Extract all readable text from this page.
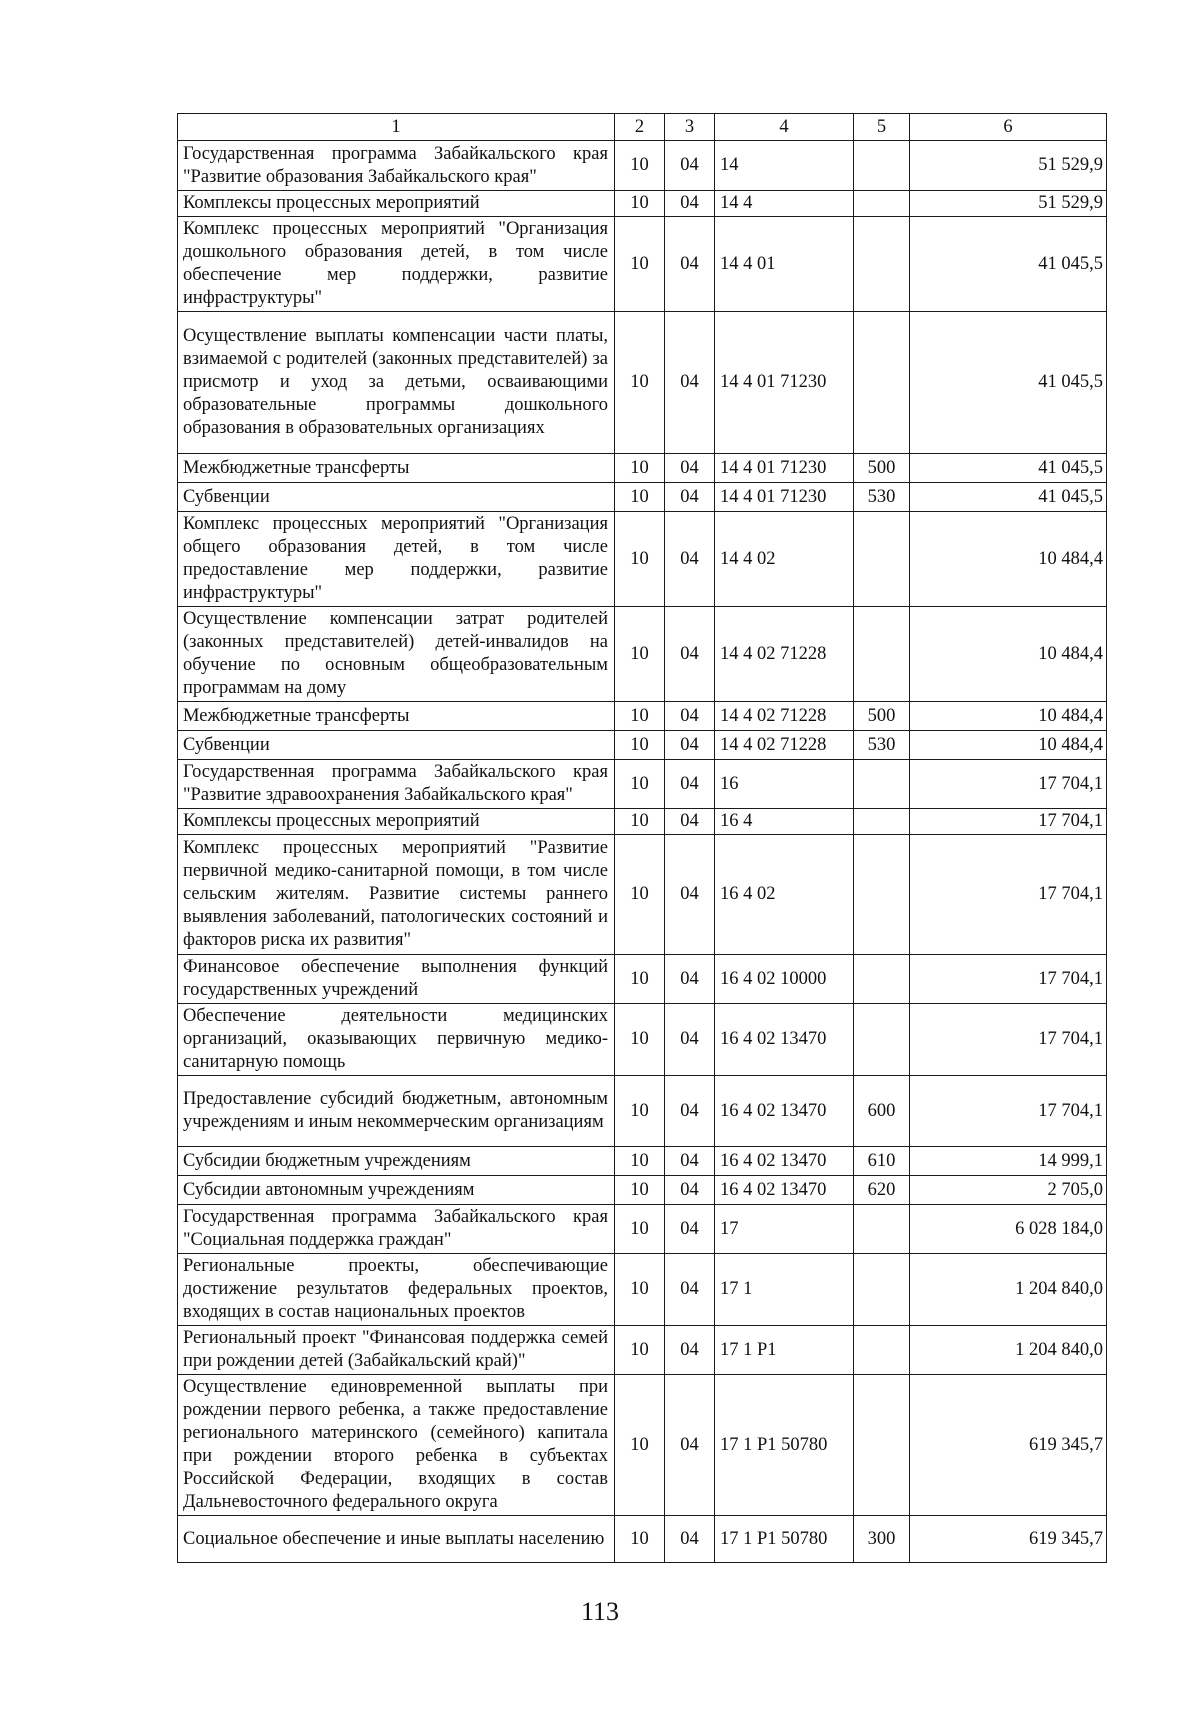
1	2	3	4	5	6
Государственная программа Забайкальского края "Развитие образования Забайкальского края"	10	04	14		51 529,9
Комплексы процессных мероприятий	10	04	14 4		51 529,9
Комплекс процессных мероприятий "Организация дошкольного образования детей, в том числе обеспечение мер поддержки, развитие инфраструктуры"	10	04	14 4 01		41 045,5
Осуществление выплаты компенсации части платы, взимаемой с родителей (законных представителей) за присмотр и уход за детьми, осваивающими образовательные программы дошкольного образования в образовательных организациях	10	04	14 4 01 71230		41 045,5
Межбюджетные трансферты	10	04	14 4 01 71230	500	41 045,5
Субвенции	10	04	14 4 01 71230	530	41 045,5
Комплекс процессных мероприятий "Организация общего образования детей, в том числе предоставление мер поддержки, развитие инфраструктуры"	10	04	14 4 02		10 484,4
Осуществление компенсации затрат родителей (законных представителей) детей-инвалидов на обучение по основным общеобразовательным программам на дому	10	04	14 4 02 71228		10 484,4
Межбюджетные трансферты	10	04	14 4 02 71228	500	10 484,4
Субвенции	10	04	14 4 02 71228	530	10 484,4
Государственная программа Забайкальского края "Развитие здравоохранения Забайкальского края"	10	04	16		17 704,1
Комплексы процессных мероприятий	10	04	16 4		17 704,1
Комплекс процессных мероприятий "Развитие первичной медико-санитарной помощи, в том числе сельским жителям. Развитие системы раннего выявления заболеваний, патологических состояний и факторов риска их развития"	10	04	16 4 02		17 704,1
Финансовое обеспечение выполнения функций государственных учреждений	10	04	16 4 02 10000		17 704,1
Обеспечение деятельности медицинских организаций, оказывающих первичную медико-санитарную помощь	10	04	16 4 02 13470		17 704,1
Предоставление субсидий бюджетным, автономным учреждениям и иным некоммерческим организациям	10	04	16 4 02 13470	600	17 704,1
Субсидии бюджетным учреждениям	10	04	16 4 02 13470	610	14 999,1
Субсидии автономным учреждениям	10	04	16 4 02 13470	620	2 705,0
Государственная программа Забайкальского края "Социальная поддержка граждан"	10	04	17		6 028 184,0
Региональные проекты, обеспечивающие достижение результатов федеральных проектов, входящих в состав национальных проектов	10	04	17 1		1 204 840,0
Региональный проект "Финансовая поддержка семей при рождении детей (Забайкальский край)"	10	04	17 1 P1		1 204 840,0
Осуществление единовременной выплаты при рождении первого ребенка, а также предоставление регионального материнского (семейного) капитала при рождении второго ребенка в субъектах Российской Федерации, входящих в состав Дальневосточного федерального округа	10	04	17 1 P1 50780		619 345,7
Социальное обеспечение и иные выплаты населению	10	04	17 1 P1 50780	300	619 345,7
113
